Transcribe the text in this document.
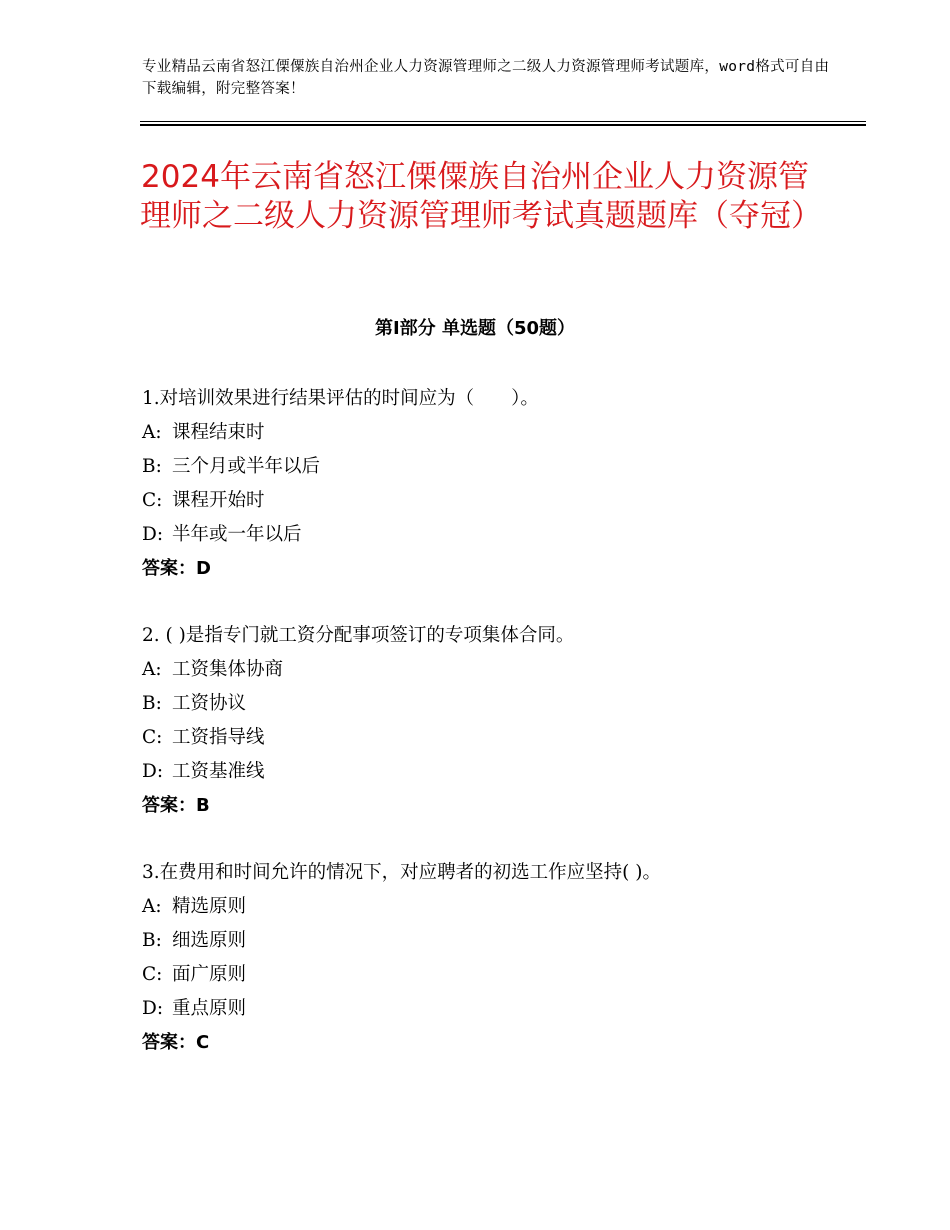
专业精品云南省怒江傈僳族自治州企业人力资源管理师之二级人力资源管理师考试题库，word格式可自由下载编辑，附完整答案！
2024年云南省怒江傈僳族自治州企业人力资源管理师之二级人力资源管理师考试真题题库（夺冠）
第Ⅰ部分 单选题（50题）
1.对培训效果进行结果评估的时间应为（　　）。
A: 课程结束时
B: 三个月或半年以后
C: 课程开始时
D: 半年或一年以后
答案：D
2. ( )是指专门就工资分配事项签订的专项集体合同。
A: 工资集体协商
B: 工资协议
C: 工资指导线
D: 工资基准线
答案：B
3.在费用和时间允许的情况下，对应聘者的初选工作应坚持( )。
A: 精选原则
B: 细选原则
C: 面广原则
D: 重点原则
答案：C
